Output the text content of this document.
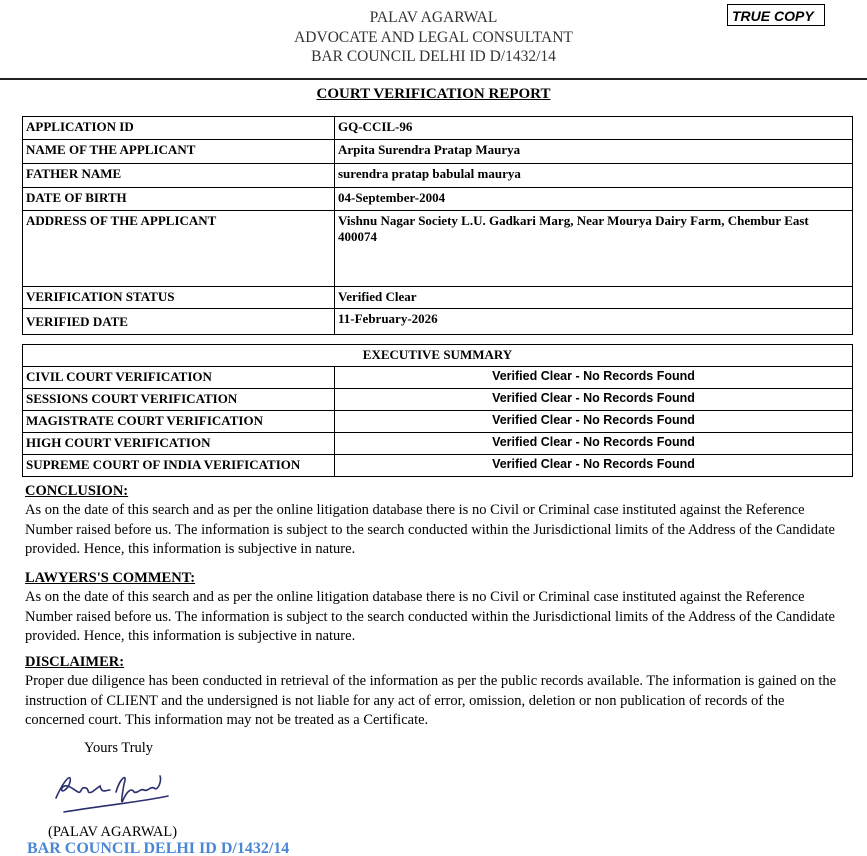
PALAV AGARWAL
ADVOCATE AND LEGAL CONSULTANT
BAR COUNCIL DELHI ID D/1432/14
TRUE COPY
COURT VERIFICATION REPORT
APPLICATION ID	GQ-CCIL-96
NAME OF THE APPLICANT	Arpita Surendra Pratap Maurya
FATHER NAME	surendra pratap babulal maurya
DATE OF BIRTH	04-September-2004
ADDRESS OF THE APPLICANT	Vishnu Nagar Society L.U. Gadkari Marg, Near Mourya Dairy Farm, Chembur East 400074
VERIFICATION STATUS	Verified Clear
VERIFIED DATE	11-February-2026
EXECUTIVE SUMMARY	
CIVIL COURT VERIFICATION	Verified Clear - No Records Found
SESSIONS COURT VERIFICATION	Verified Clear - No Records Found
MAGISTRATE COURT VERIFICATION	Verified Clear - No Records Found
HIGH COURT VERIFICATION	Verified Clear - No Records Found
SUPREME COURT OF INDIA VERIFICATION	Verified Clear - No Records Found
CONCLUSION:

As on the date of this search and as per the online litigation database there is no Civil or Criminal case instituted against the Reference Number raised before us. The information is subject to the search conducted within the Jurisdictional limits of the Address of the Candidate provided. Hence, this information is subjective in nature.

LAWYERS'S COMMENT:

As on the date of this search and as per the online litigation database there is no Civil or Criminal case instituted against the Reference Number raised before us. The information is subject to the search conducted within the Jurisdictional limits of the Address of the Candidate provided. Hence, this information is subjective in nature.

DISCLAIMER:

Proper due diligence has been conducted in retrieval of the information as per the public records available. The information is gained on the instruction of CLIENT and the undersigned is not liable for any act of error, omission, deletion or non publication of records of the concerned court. This information may not be treated as a Certificate.

Yours Truly
(PALAV AGARWAL)
BAR COUNCIL DELHI ID D/1432/14
